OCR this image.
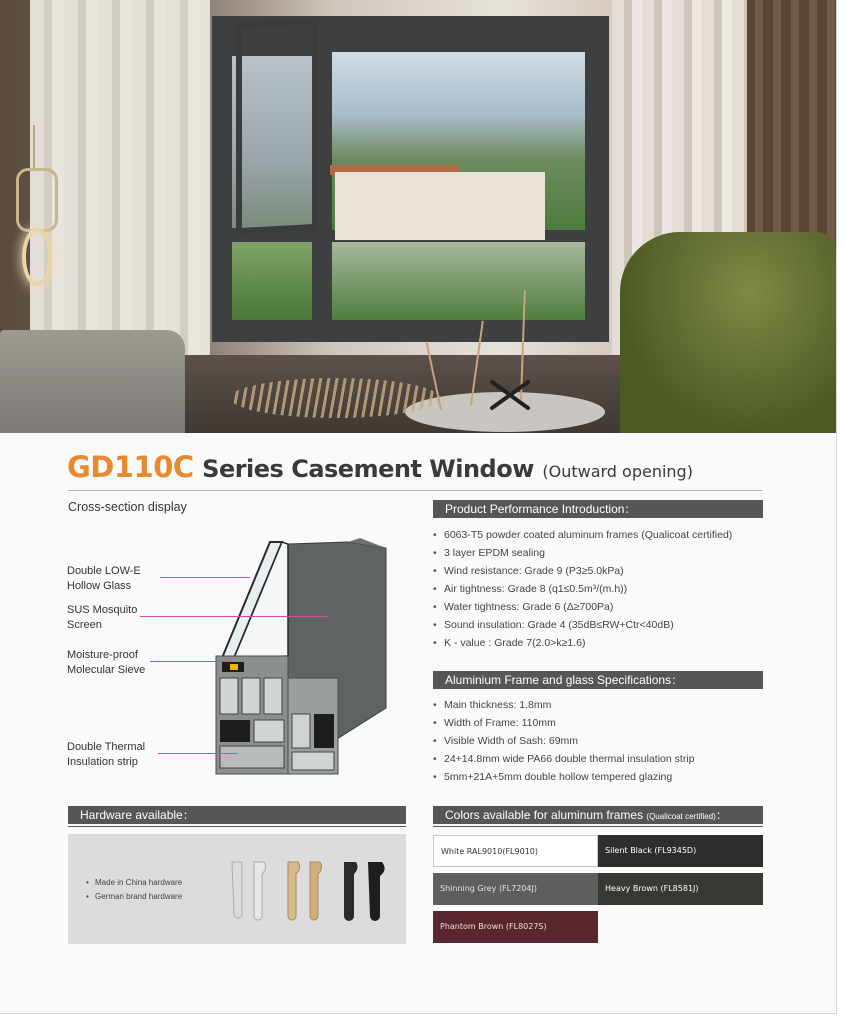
GD110C Series Casement Window (Outward opening)
Cross-section display
Double LOW-E
Hollow Glass
SUS Mosquito
Screen
Moisture-proof
Molecular Sieve
Double Thermal
Insulation strip
Product Performance Introduction：
• 6063-T5 powder coated aluminum frames (Qualicoat certified)
• 3 layer EPDM sealing
• Wind resistance: Grade 9 (P3≥5.0kPa)
• Air tightness: Grade 8 (q1≤0.5m³/(m.h))
• Water tightness: Grade 6 (Δ≥700Pa)
• Sound insulation: Grade 4 (35dB≤RW+Ctr<40dB)
• K - value : Grade 7(2.0>k≥1.6)
Aluminium Frame and glass Specifications：
• Main thickness: 1.8mm
• Width of Frame: 110mm
• Visible Width of Sash: 69mm
• 24+14.8mm wide PA66 double thermal insulation strip
• 5mm+21A+5mm double hollow tempered glazing
Hardware available：
• Made in China hardware
• German brand hardware
Colors available for aluminum frames (Qualicoat certified)：
White RAL9010(FL9010)	Silent Black (FL9345D)
Shinning Grey (FL7204J)	Heavy Brown (FL8581J)
Phantom Brown (FL8027S)
